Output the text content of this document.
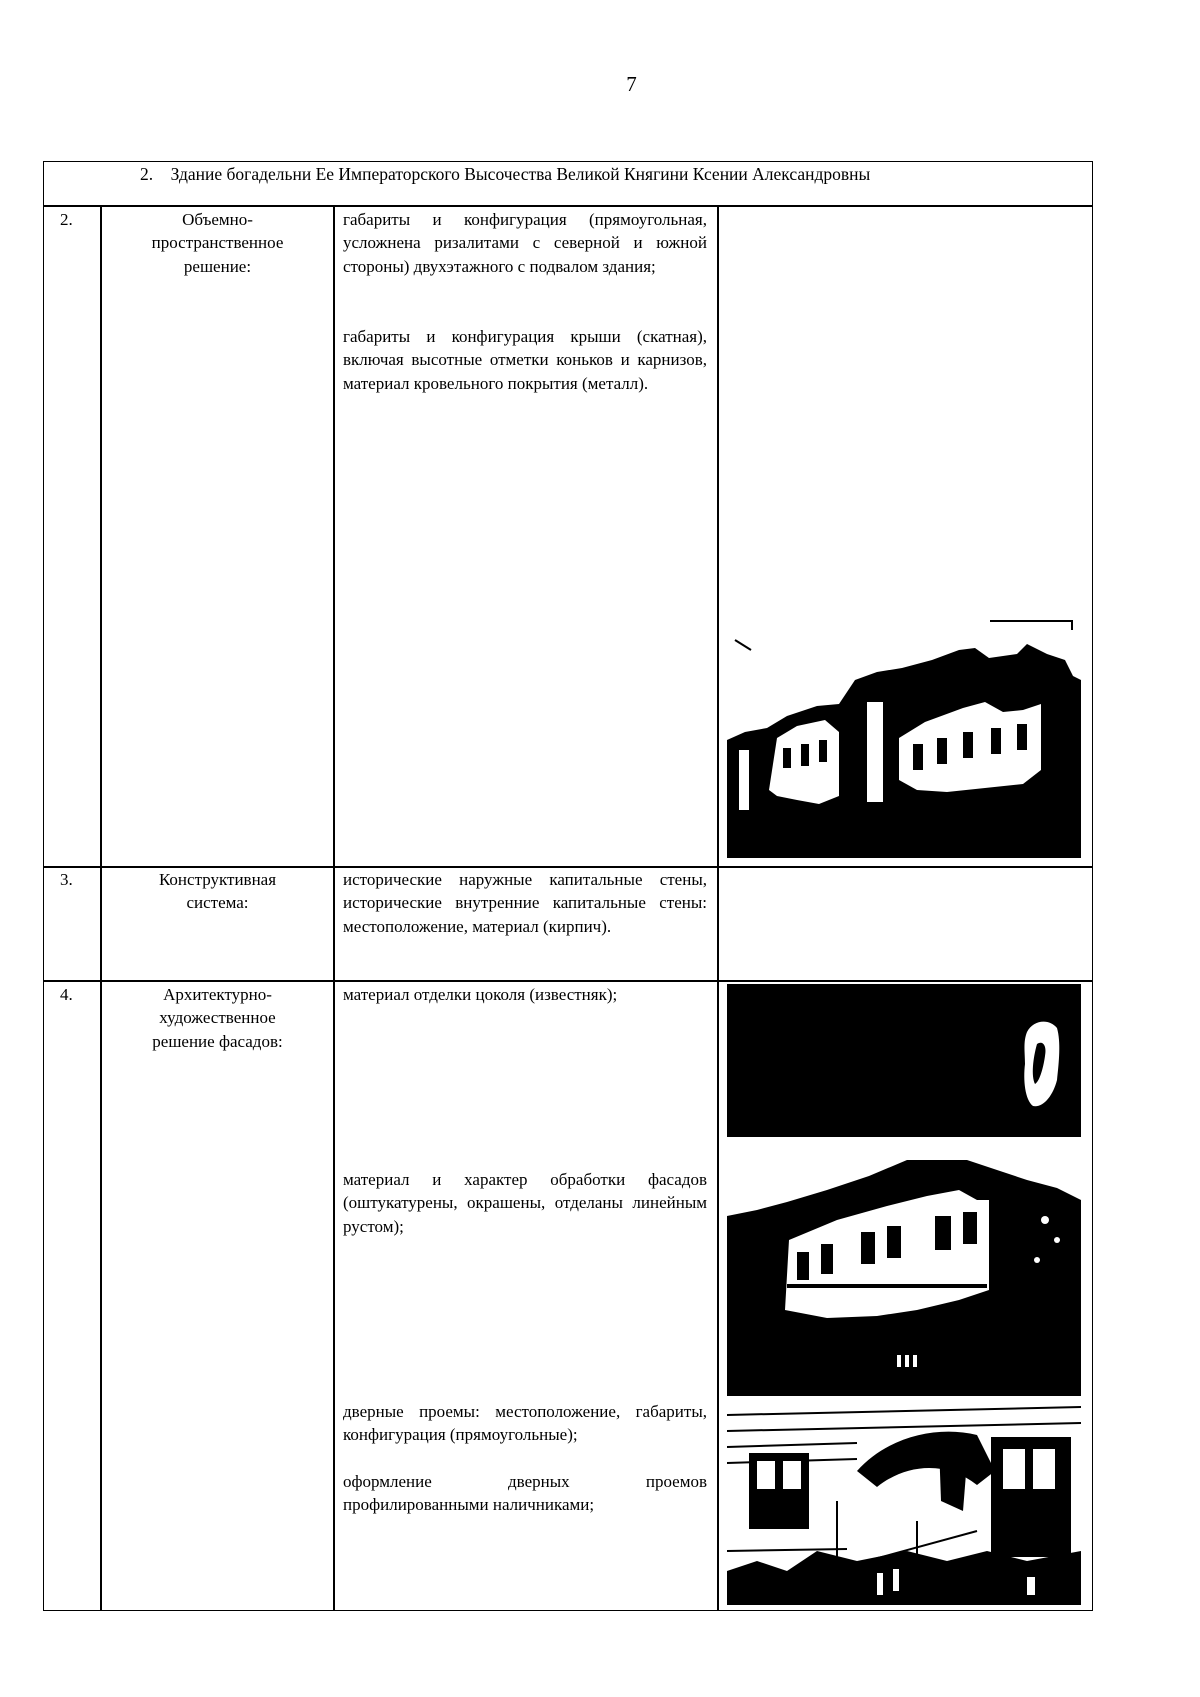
7
2. Здание богадельни Ее Императорского Высочества Великой Княгини Ксении Александровны
2.	Объемно-пространственное решение:
габариты и конфигурация (прямоугольная, усложнена ризалитами с северной и южной стороны) двухэтажного с подвалом здания;
габариты и конфигурация крыши (скатная), включая высотные отметки коньков и карнизов, материал кровельного покрытия (металл).
3.	Конструктивная система:
исторические наружные капитальные стены, исторические внутренние капитальные стены: местоположение, материал (кирпич).
4.	Архитектурно-художественное решение фасадов:
материал отделки цоколя (известняк);
материал и характер обработки фасадов (оштукатурены, окрашены, отделаны линейным рустом);
дверные проемы: местоположение, габариты, конфигурация (прямоугольные);
оформление дверных проемов профилированными наличниками;
